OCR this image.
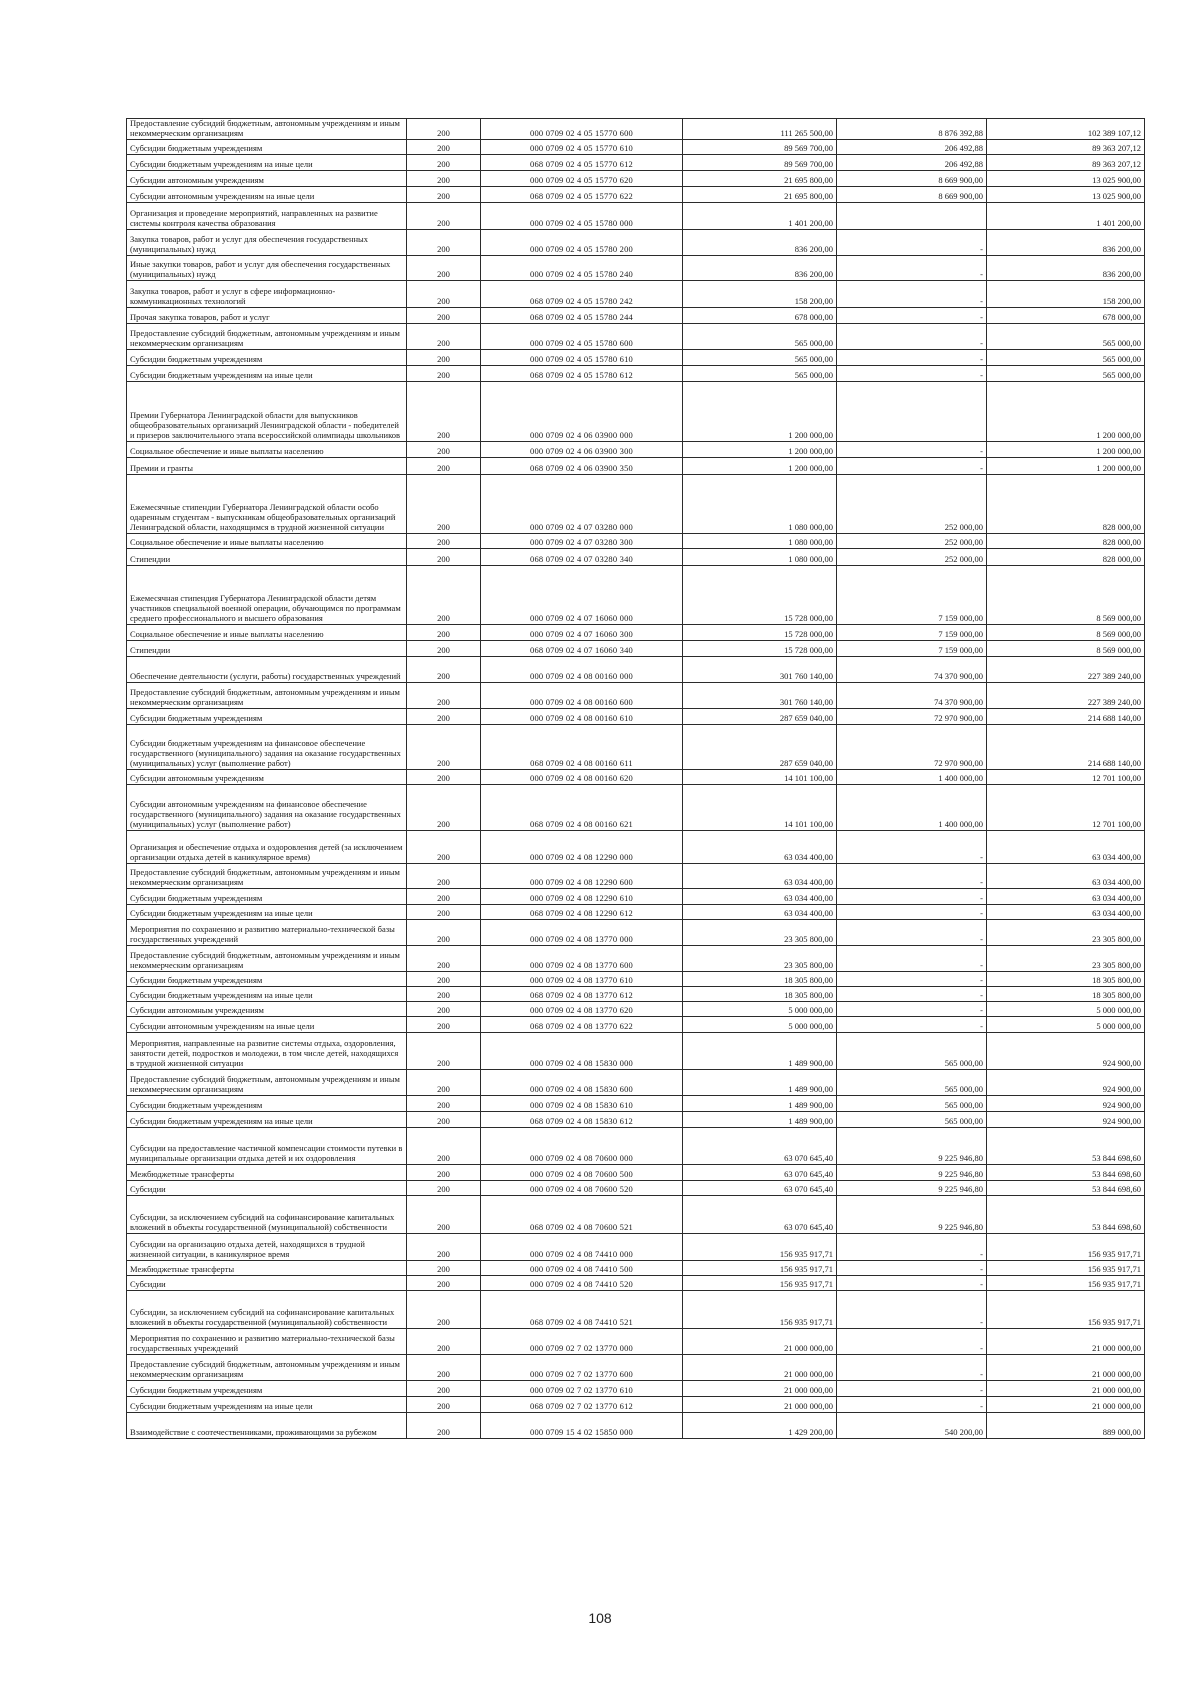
Предоставление субсидий бюджетным, автономным учреждениям и иным некоммерческим организациям	200	000 0709 02 4 05 15770 600	111 265 500,00	8 876 392,88	102 389 107,12
Субсидии бюджетным учреждениям	200	000 0709 02 4 05 15770 610	89 569 700,00	206 492,88	89 363 207,12
Субсидии бюджетным учреждениям на иные цели	200	068 0709 02 4 05 15770 612	89 569 700,00	206 492,88	89 363 207,12
Субсидии автономным учреждениям	200	000 0709 02 4 05 15770 620	21 695 800,00	8 669 900,00	13 025 900,00
Субсидии автономным учреждениям на иные цели	200	068 0709 02 4 05 15770 622	21 695 800,00	8 669 900,00	13 025 900,00
Организация и проведение мероприятий, направленных на развитие системы контроля качества образования	200	000 0709 02 4 05 15780 000	1 401 200,00		1 401 200,00
Закупка товаров, работ и услуг для обеспечения государственных (муниципальных) нужд	200	000 0709 02 4 05 15780 200	836 200,00	-	836 200,00
Иные закупки товаров, работ и услуг для обеспечения государственных (муниципальных) нужд	200	000 0709 02 4 05 15780 240	836 200,00	-	836 200,00
Закупка товаров, работ и услуг в сфере информационно-коммуникационных технологий	200	068 0709 02 4 05 15780 242	158 200,00	-	158 200,00
Прочая закупка товаров, работ и услуг	200	068 0709 02 4 05 15780 244	678 000,00	-	678 000,00
Предоставление субсидий бюджетным, автономным учреждениям и иным некоммерческим организациям	200	000 0709 02 4 05 15780 600	565 000,00	-	565 000,00
Субсидии бюджетным учреждениям	200	000 0709 02 4 05 15780 610	565 000,00	-	565 000,00
Субсидии бюджетным учреждениям на иные цели	200	068 0709 02 4 05 15780 612	565 000,00	-	565 000,00
Премии Губернатора Ленинградской области для выпускников общеобразовательных организаций Ленинградской области - победителей и призеров заключительного этапа всероссийской олимпиады школьников	200	000 0709 02 4 06 03900 000	1 200 000,00		1 200 000,00
Социальное обеспечение и иные выплаты населению	200	000 0709 02 4 06 03900 300	1 200 000,00	-	1 200 000,00
Премии и гранты	200	068 0709 02 4 06 03900 350	1 200 000,00	-	1 200 000,00
Ежемесячные стипендии Губернатора Ленинградской области особо одаренным студентам - выпускникам общеобразовательных организаций Ленинградской области, находящимся в трудной жизненной ситуации	200	000 0709 02 4 07 03280 000	1 080 000,00	252 000,00	828 000,00
Социальное обеспечение и иные выплаты населению	200	000 0709 02 4 07 03280 300	1 080 000,00	252 000,00	828 000,00
Стипендии	200	068 0709 02 4 07 03280 340	1 080 000,00	252 000,00	828 000,00
Ежемесячная стипендия Губернатора Ленинградской области детям участников специальной военной операции, обучающимся по программам среднего профессионального и высшего образования	200	000 0709 02 4 07 16060 000	15 728 000,00	7 159 000,00	8 569 000,00
Социальное обеспечение и иные выплаты населению	200	000 0709 02 4 07 16060 300	15 728 000,00	7 159 000,00	8 569 000,00
Стипендии	200	068 0709 02 4 07 16060 340	15 728 000,00	7 159 000,00	8 569 000,00
Обеспечение деятельности (услуги, работы) государственных учреждений	200	000 0709 02 4 08 00160 000	301 760 140,00	74 370 900,00	227 389 240,00
Предоставление субсидий бюджетным, автономным учреждениям и иным некоммерческим организациям	200	000 0709 02 4 08 00160 600	301 760 140,00	74 370 900,00	227 389 240,00
Субсидии бюджетным учреждениям	200	000 0709 02 4 08 00160 610	287 659 040,00	72 970 900,00	214 688 140,00
Субсидии бюджетным учреждениям на финансовое обеспечение государственного (муниципального) задания на оказание государственных (муниципальных) услуг (выполнение работ)	200	068 0709 02 4 08 00160 611	287 659 040,00	72 970 900,00	214 688 140,00
Субсидии автономным учреждениям	200	000 0709 02 4 08 00160 620	14 101 100,00	1 400 000,00	12 701 100,00
Субсидии автономным учреждениям на финансовое обеспечение государственного (муниципального) задания на оказание государственных (муниципальных) услуг (выполнение работ)	200	068 0709 02 4 08 00160 621	14 101 100,00	1 400 000,00	12 701 100,00
Организация и обеспечение отдыха и оздоровления детей (за исключением организации отдыха детей в каникулярное время)	200	000 0709 02 4 08 12290 000	63 034 400,00	-	63 034 400,00
Предоставление субсидий бюджетным, автономным учреждениям и иным некоммерческим организациям	200	000 0709 02 4 08 12290 600	63 034 400,00	-	63 034 400,00
Субсидии бюджетным учреждениям	200	000 0709 02 4 08 12290 610	63 034 400,00	-	63 034 400,00
Субсидии бюджетным учреждениям на иные цели	200	068 0709 02 4 08 12290 612	63 034 400,00	-	63 034 400,00
Мероприятия по сохранению и развитию материально-технической базы государственных учреждений	200	000 0709 02 4 08 13770 000	23 305 800,00	-	23 305 800,00
Предоставление субсидий бюджетным, автономным учреждениям и иным некоммерческим организациям	200	000 0709 02 4 08 13770 600	23 305 800,00	-	23 305 800,00
Субсидии бюджетным учреждениям	200	000 0709 02 4 08 13770 610	18 305 800,00	-	18 305 800,00
Субсидии бюджетным учреждениям на иные цели	200	068 0709 02 4 08 13770 612	18 305 800,00	-	18 305 800,00
Субсидии автономным учреждениям	200	000 0709 02 4 08 13770 620	5 000 000,00	-	5 000 000,00
Субсидии автономным учреждениям на иные цели	200	068 0709 02 4 08 13770 622	5 000 000,00	-	5 000 000,00
Мероприятия, направленные на развитие системы отдыха, оздоровления, занятости детей, подростков и молодежи, в том числе детей, находящихся в трудной жизненной ситуации	200	000 0709 02 4 08 15830 000	1 489 900,00	565 000,00	924 900,00
Предоставление субсидий бюджетным, автономным учреждениям и иным некоммерческим организациям	200	000 0709 02 4 08 15830 600	1 489 900,00	565 000,00	924 900,00
Субсидии бюджетным учреждениям	200	000 0709 02 4 08 15830 610	1 489 900,00	565 000,00	924 900,00
Субсидии бюджетным учреждениям на иные цели	200	068 0709 02 4 08 15830 612	1 489 900,00	565 000,00	924 900,00
Субсидии на предоставление частичной компенсации стоимости путевки в муниципальные организации отдыха детей и их оздоровления	200	000 0709 02 4 08 70600 000	63 070 645,40	9 225 946,80	53 844 698,60
Межбюджетные трансферты	200	000 0709 02 4 08 70600 500	63 070 645,40	9 225 946,80	53 844 698,60
Субсидии	200	000 0709 02 4 08 70600 520	63 070 645,40	9 225 946,80	53 844 698,60
Субсидии, за исключением субсидий на софинансирование капитальных вложений в объекты государственной (муниципальной) собственности	200	068 0709 02 4 08 70600 521	63 070 645,40	9 225 946,80	53 844 698,60
Субсидии на организацию отдыха детей, находящихся в трудной жизненной ситуации, в каникулярное время	200	000 0709 02 4 08 74410 000	156 935 917,71	-	156 935 917,71
Межбюджетные трансферты	200	000 0709 02 4 08 74410 500	156 935 917,71	-	156 935 917,71
Субсидии	200	000 0709 02 4 08 74410 520	156 935 917,71	-	156 935 917,71
Субсидии, за исключением субсидий на софинансирование капитальных вложений в объекты государственной (муниципальной) собственности	200	068 0709 02 4 08 74410 521	156 935 917,71	-	156 935 917,71
Мероприятия по сохранению и развитию материально-технической базы государственных учреждений	200	000 0709 02 7 02 13770 000	21 000 000,00	-	21 000 000,00
Предоставление субсидий бюджетным, автономным учреждениям и иным некоммерческим организациям	200	000 0709 02 7 02 13770 600	21 000 000,00	-	21 000 000,00
Субсидии бюджетным учреждениям	200	000 0709 02 7 02 13770 610	21 000 000,00	-	21 000 000,00
Субсидии бюджетным учреждениям на иные цели	200	068 0709 02 7 02 13770 612	21 000 000,00	-	21 000 000,00
Взаимодействие с соотечественниками, проживающими за рубежом	200	000 0709 15 4 02 15850 000	1 429 200,00	540 200,00	889 000,00
108
